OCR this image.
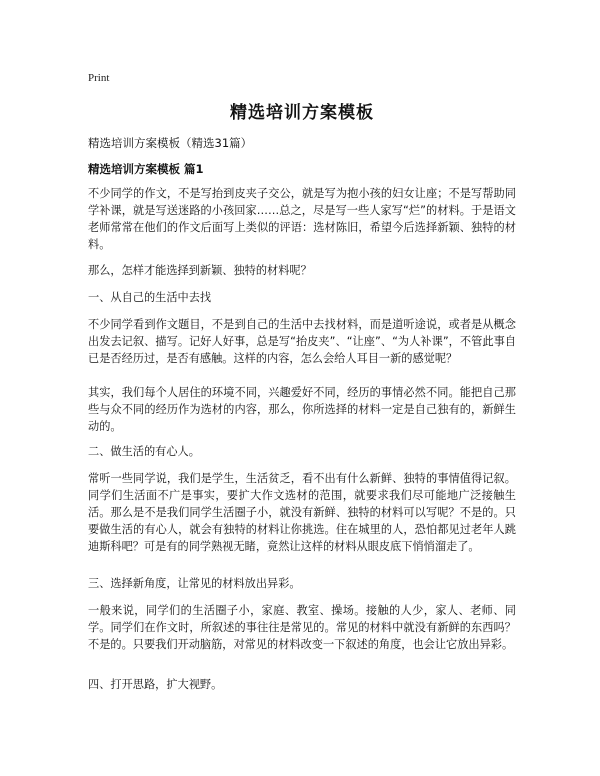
Print
精选培训方案模板
精选培训方案模板（精选31篇）
精选培训方案模板 篇1

不少同学的作文，不是写抬到皮夹子交公，就是写为抱小孩的妇女让座；不是写帮助同学补课，就是写送迷路的小孩回家……总之，尽是写一些人家写“烂”的材料。于是语文老师常常在他们的作文后面写上类似的评语：选材陈旧，希望今后选择新颖、独特的材料。

那么，怎样才能选择到新颖、独特的材料呢？

一、从自己的生活中去找

不少同学看到作文题目，不是到自己的生活中去找材料，而是道听途说，或者是从概念出发去记叙、描写。记好人好事，总是写“抬皮夹”、“让座”、“为人补课”，不管此事自已是否经历过，是否有感触。这样的内容，怎么会给人耳目一新的感觉呢？

其实，我们每个人居住的环境不同，兴趣爱好不同，经历的事情必然不同。能把自己那些与众不同的经历作为选材的内容，那么，你所选择的材料一定是自己独有的，新鲜生动的。

二、做生活的有心人。

常听一些同学说，我们是学生，生活贫乏，看不出有什么新鲜、独特的事情值得记叙。同学们生活面不广是事实，要扩大作文选材的范围，就要求我们尽可能地广泛接触生活。那么是不是我们同学生活圈子小，就没有新鲜、独特的材料可以写呢？不是的。只要做生活的有心人，就会有独特的材料让你挑选。住在城里的人，恐怕都见过老年人跳迪斯科吧？可是有的同学熟视无睹，竟然让这样的材料从眼皮底下悄悄溜走了。

三、选择新角度，让常见的材料放出异彩。

一般来说，同学们的生活圈子小，家庭、教室、操场。接触的人少，家人、老师、同学。同学们在作文时，所叙述的事往往是常见的。常见的材料中就没有新鲜的东西吗？不是的。只要我们开动脑筋，对常见的材料改变一下叙述的角度，也会让它放出异彩。

四、打开思路，扩大视野。
